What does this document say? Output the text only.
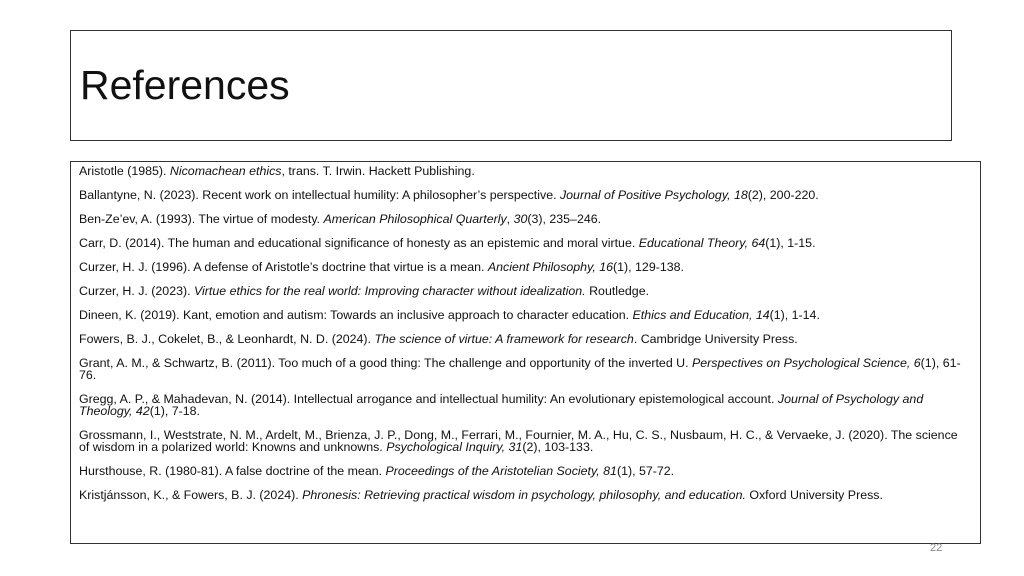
References

Aristotle (1985). Nicomachean ethics, trans. T. Irwin. Hackett Publishing.

Ballantyne, N. (2023). Recent work on intellectual humility: A philosopher’s perspective. Journal of Positive Psychology, 18(2), 200-220.

Ben-Ze’ev, A. (1993). The virtue of modesty. American Philosophical Quarterly, 30(3), 235–246.

Carr, D. (2014). The human and educational significance of honesty as an epistemic and moral virtue. Educational Theory, 64(1), 1-15.

Curzer, H. J. (1996). A defense of Aristotle’s doctrine that virtue is a mean. Ancient Philosophy, 16(1), 129-138.

Curzer, H. J. (2023). Virtue ethics for the real world: Improving character without idealization. Routledge.

Dineen, K. (2019). Kant, emotion and autism: Towards an inclusive approach to character education. Ethics and Education, 14(1), 1-14.

Fowers, B. J., Cokelet, B., & Leonhardt, N. D. (2024). The science of virtue: A framework for research. Cambridge University Press.

Grant, A. M., & Schwartz, B. (2011). Too much of a good thing: The challenge and opportunity of the inverted U. Perspectives on Psychological Science, 6(1), 61-76.

Gregg, A. P., & Mahadevan, N. (2014). Intellectual arrogance and intellectual humility: An evolutionary epistemological account. Journal of Psychology and Theology, 42(1), 7-18.

Grossmann, I., Weststrate, N. M., Ardelt, M., Brienza, J. P., Dong, M., Ferrari, M., Fournier, M. A., Hu, C. S., Nusbaum, H. C., & Vervaeke, J. (2020). The science of wisdom in a polarized world: Knowns and unknowns. Psychological Inquiry, 31(2), 103-133.

Hursthouse, R. (1980-81). A false doctrine of the mean. Proceedings of the Aristotelian Society, 81(1), 57-72.

Kristjánsson, K., & Fowers, B. J. (2024). Phronesis: Retrieving practical wisdom in psychology, philosophy, and education. Oxford University Press.

22
